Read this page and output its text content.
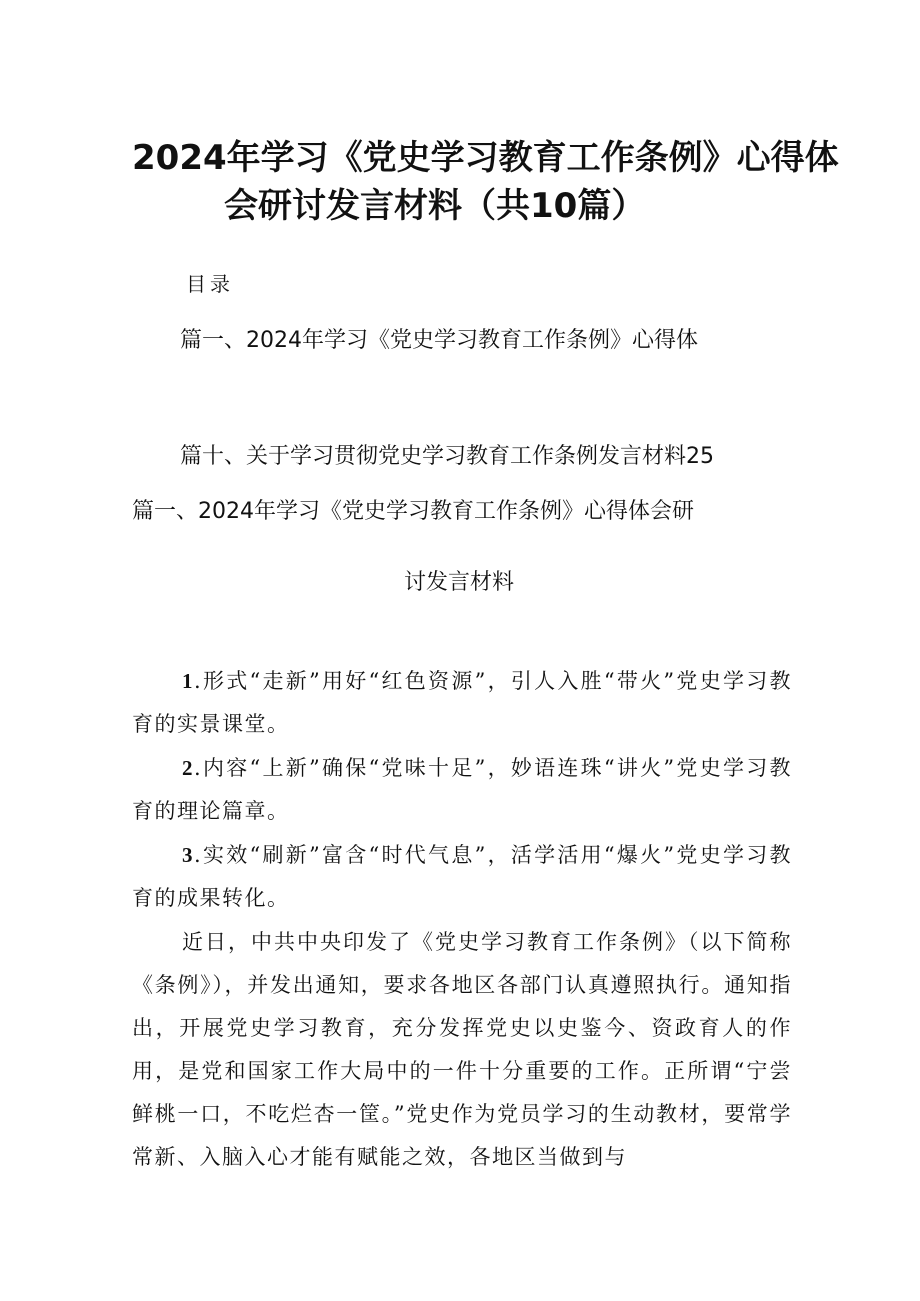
2024年学习《党史学习教育工作条例》心得体
会研讨发言材料（共10篇）
目录
篇一、2024年学习《党史学习教育工作条例》心得体
篇十、关于学习贯彻党史学习教育工作条例发言材料25
篇一、2024年学习《党史学习教育工作条例》心得体会研
讨发言材料
1.形式“走新”用好“红色资源”，引人入胜“带火”党史学习教育的实景课堂。
2.内容“上新”确保“党味十足”，妙语连珠“讲火”党史学习教育的理论篇章。
3.实效“刷新”富含“时代气息”，活学活用“爆火”党史学习教育的成果转化。
近日，中共中央印发了《党史学习教育工作条例》（以下简称《条例》），并发出通知，要求各地区各部门认真遵照执行。通知指出，开展党史学习教育，充分发挥党史以史鉴今、资政育人的作用，是党和国家工作大局中的一件十分重要的工作。正所谓“宁尝鲜桃一口，不吃烂杏一筐。”党史作为党员学习的生动教材，要常学常新、入脑入心才能有赋能之效，各地区当做到与
